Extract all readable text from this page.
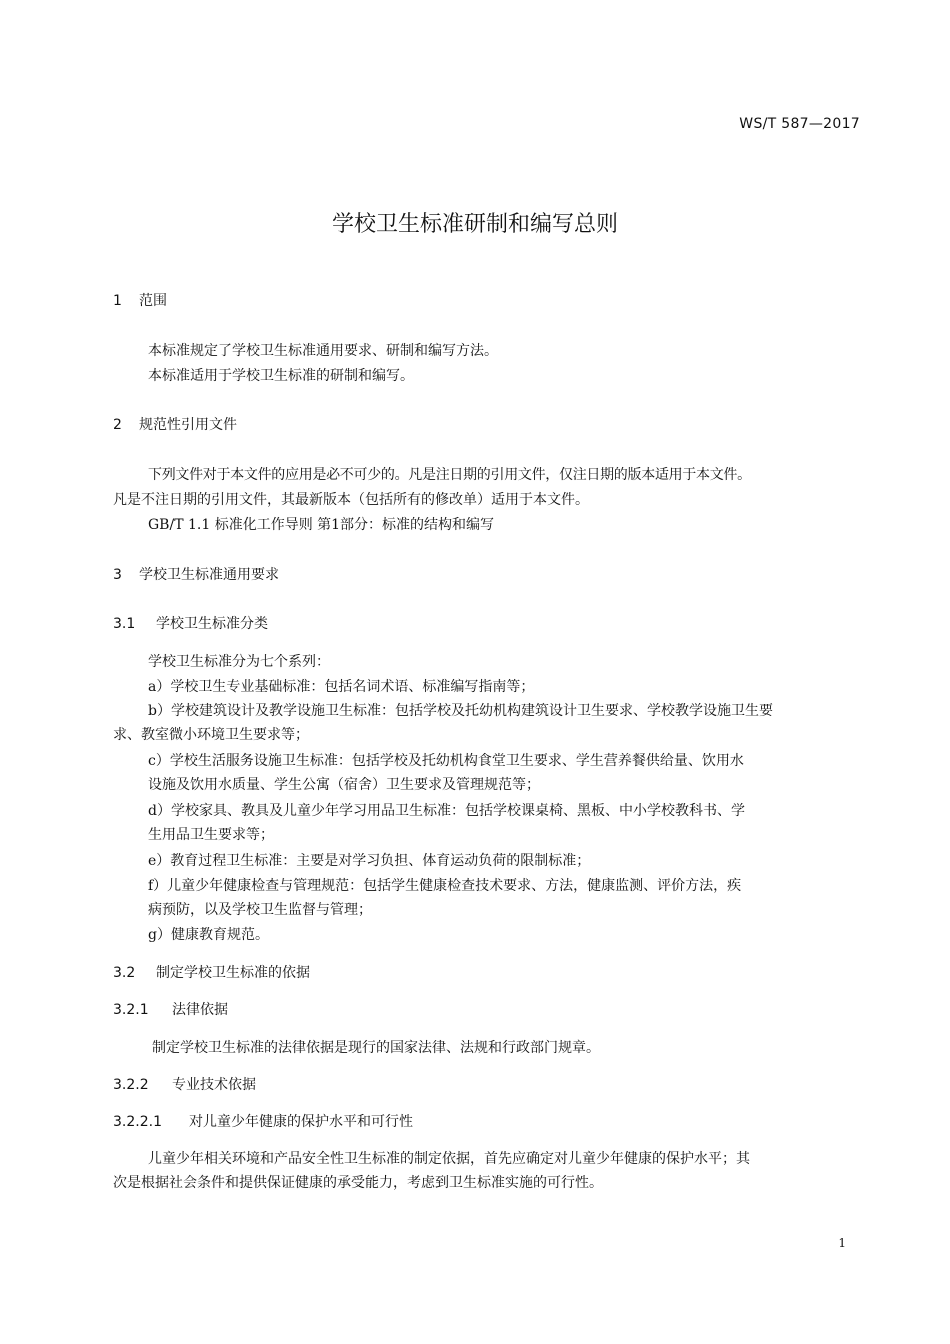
WS/T 587—2017
学校卫生标准研制和编写总则
1 范围
本标准规定了学校卫生标准通用要求、研制和编写方法。
本标准适用于学校卫生标准的研制和编写。
2 规范性引用文件
下列文件对于本文件的应用是必不可少的。凡是注日期的引用文件，仅注日期的版本适用于本文件。
凡是不注日期的引用文件，其最新版本（包括所有的修改单）适用于本文件。
GB/T 1.1 标准化工作导则 第1部分：标准的结构和编写
3 学校卫生标准通用要求
3.1 学校卫生标准分类
学校卫生标准分为七个系列：
a）学校卫生专业基础标准：包括名词术语、标准编写指南等；
b）学校建筑设计及教学设施卫生标准：包括学校及托幼机构建筑设计卫生要求、学校教学设施卫生要
求、教室微小环境卫生要求等；
c）学校生活服务设施卫生标准：包括学校及托幼机构食堂卫生要求、学生营养餐供给量、饮用水
设施及饮用水质量、学生公寓（宿舍）卫生要求及管理规范等；
d）学校家具、教具及儿童少年学习用品卫生标准：包括学校课桌椅、黑板、中小学校教科书、学
生用品卫生要求等；
e）教育过程卫生标准：主要是对学习负担、体育运动负荷的限制标准；
f）儿童少年健康检查与管理规范：包括学生健康检查技术要求、方法，健康监测、评价方法，疾
病预防，以及学校卫生监督与管理；
g）健康教育规范。
3.2 制定学校卫生标准的依据
3.2.1 法律依据
制定学校卫生标准的法律依据是现行的国家法律、法规和行政部门规章。
3.2.2 专业技术依据
3.2.2.1 对儿童少年健康的保护水平和可行性
儿童少年相关环境和产品安全性卫生标准的制定依据，首先应确定对儿童少年健康的保护水平；其
次是根据社会条件和提供保证健康的承受能力，考虑到卫生标准实施的可行性。
1
